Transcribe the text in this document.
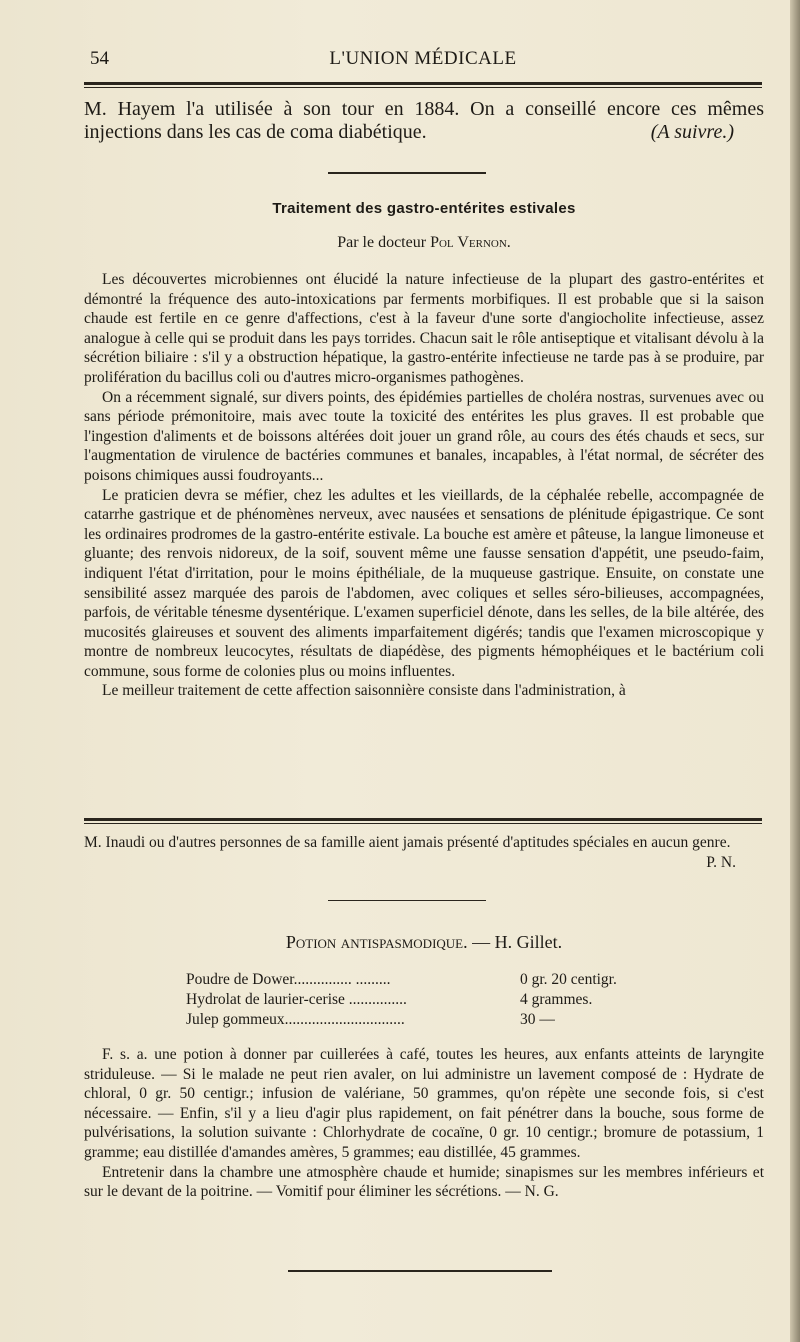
54	L'UNION MÉDICALE
M. Hayem l'a utilisée à son tour en 1884. On a conseillé encore ces mêmes injections dans les cas de coma diabétique.	(A suivre.)
Traitement des gastro-entérites estivales
Par le docteur Pol Vernon.

Les découvertes microbiennes ont élucidé la nature infectieuse de la plupart des gastro-entérites et démontré la fréquence des auto-intoxications par ferments morbifiques. Il est probable que si la saison chaude est fertile en ce genre d'affections, c'est à la faveur d'une sorte d'angiocholite infectieuse, assez analogue à celle qui se produit dans les pays torrides. Chacun sait le rôle antiseptique et vitalisant dévolu à la sécrétion biliaire : s'il y a obstruction hépatique, la gastro-entérite infectieuse ne tarde pas à se produire, par prolifération du bacillus coli ou d'autres micro-organismes pathogènes.

On a récemment signalé, sur divers points, des épidémies partielles de choléra nostras, survenues avec ou sans période prémonitoire, mais avec toute la toxicité des entérites les plus graves. Il est probable que l'ingestion d'aliments et de boissons altérées doit jouer un grand rôle, au cours des étés chauds et secs, sur l'augmentation de virulence de bactéries communes et banales, incapables, à l'état normal, de sécréter des poisons chimiques aussi foudroyants...

Le praticien devra se méfier, chez les adultes et les vieillards, de la céphalée rebelle, accompagnée de catarrhe gastrique et de phénomènes nerveux, avec nausées et sensations de plénitude épigastrique. Ce sont les ordinaires prodromes de la gastro-entérite estivale. La bouche est amère et pâteuse, la langue limoneuse et gluante; des renvois nidoreux, de la soif, souvent même une fausse sensation d'appétit, une pseudo-faim, indiquent l'état d'irritation, pour le moins épithéliale, de la muqueuse gastrique. Ensuite, on constate une sensibilité assez marquée des parois de l'abdomen, avec coliques et selles séro-bilieuses, accompagnées, parfois, de véritable ténesme dysentérique. L'examen superficiel dénote, dans les selles, de la bile altérée, des mucosités glaireuses et souvent des aliments imparfaitement digérés; tandis que l'examen microscopique y montre de nombreux leucocytes, résultats de diapédèse, des pigments hémophéiques et le bactérium coli commune, sous forme de colonies plus ou moins influentes.

Le meilleur traitement de cette affection saisonnière consiste dans l'administration, à

M. Inaudi ou d'autres personnes de sa famille aient jamais présenté d'aptitudes spéciales en aucun genre.
P. N.
Potion antispasmodique. — H. Gillet.
Poudre de Dower............... .........	0 gr. 20 centigr.
Hydrolat de laurier-cerise ...............	4 grammes.
Julep gommeux...............................	30 —

F. s. a. une potion à donner par cuillerées à café, toutes les heures, aux enfants atteints de laryngite striduleuse. — Si le malade ne peut rien avaler, on lui administre un lavement composé de : Hydrate de chloral, 0 gr. 50 centigr.; infusion de valériane, 50 grammes, qu'on répète une seconde fois, si c'est nécessaire. — Enfin, s'il y a lieu d'agir plus rapidement, on fait pénétrer dans la bouche, sous forme de pulvérisations, la solution suivante : Chlorhydrate de cocaïne, 0 gr. 10 centigr.; bromure de potassium, 1 gramme; eau distillée d'amandes amères, 5 grammes; eau distillée, 45 grammes.

Entretenir dans la chambre une atmosphère chaude et humide; sinapismes sur les membres inférieurs et sur le devant de la poitrine. — Vomitif pour éliminer les sécrétions. — N. G.
